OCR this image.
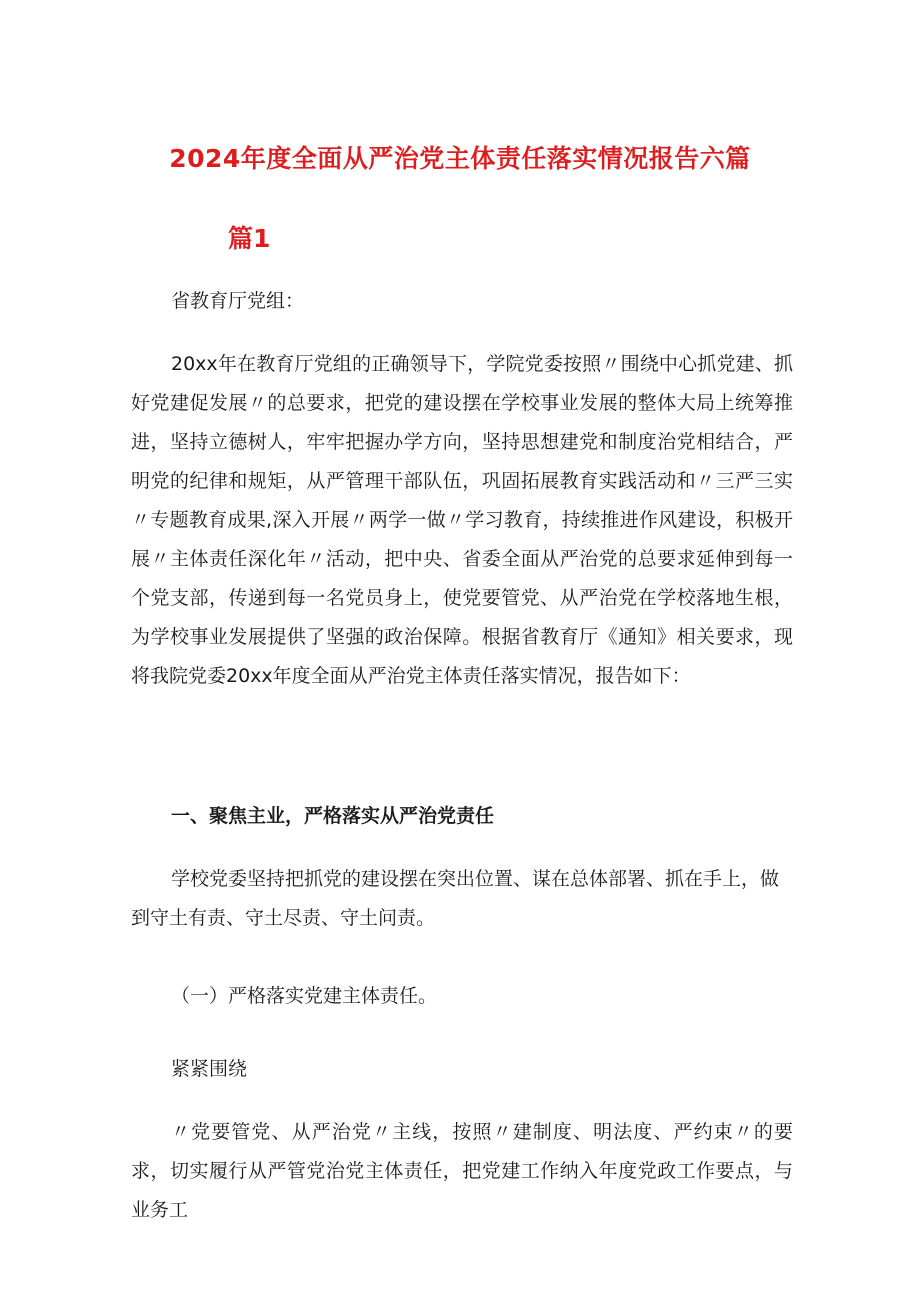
2024年度全面从严治党主体责任落实情况报告六篇
篇1

省教育厅党组：

20xx年在教育厅党组的正确领导下，学院党委按照〃围绕中心抓党建、抓好党建促发展〃的总要求，把党的建设摆在学校事业发展的整体大局上统筹推进，坚持立德树人，牢牢把握办学方向，坚持思想建党和制度治党相结合，严明党的纪律和规矩，从严管理干部队伍，巩固拓展教育实践活动和〃三严三实〃专题教育成果,深入开展〃两学一做〃学习教育，持续推进作风建设，积极开展〃主体责任深化年〃活动，把中央、省委全面从严治党的总要求延伸到每一个党支部，传递到每一名党员身上，使党要管党、从严治党在学校落地生根，为学校事业发展提供了坚强的政治保障。根据省教育厅《通知》相关要求，现将我院党委20xx年度全面从严治党主体责任落实情况，报告如下：

一、聚焦主业，严格落实从严治党责任

学校党委坚持把抓党的建设摆在突出位置、谋在总体部署、抓在手上，做到守土有责、守土尽责、守土问责。

（一）严格落实党建主体责任。

紧紧围绕

〃党要管党、从严治党〃主线，按照〃建制度、明法度、严约束〃的要求，切实履行从严管党治党主体责任，把党建工作纳入年度党政工作要点，与业务工
